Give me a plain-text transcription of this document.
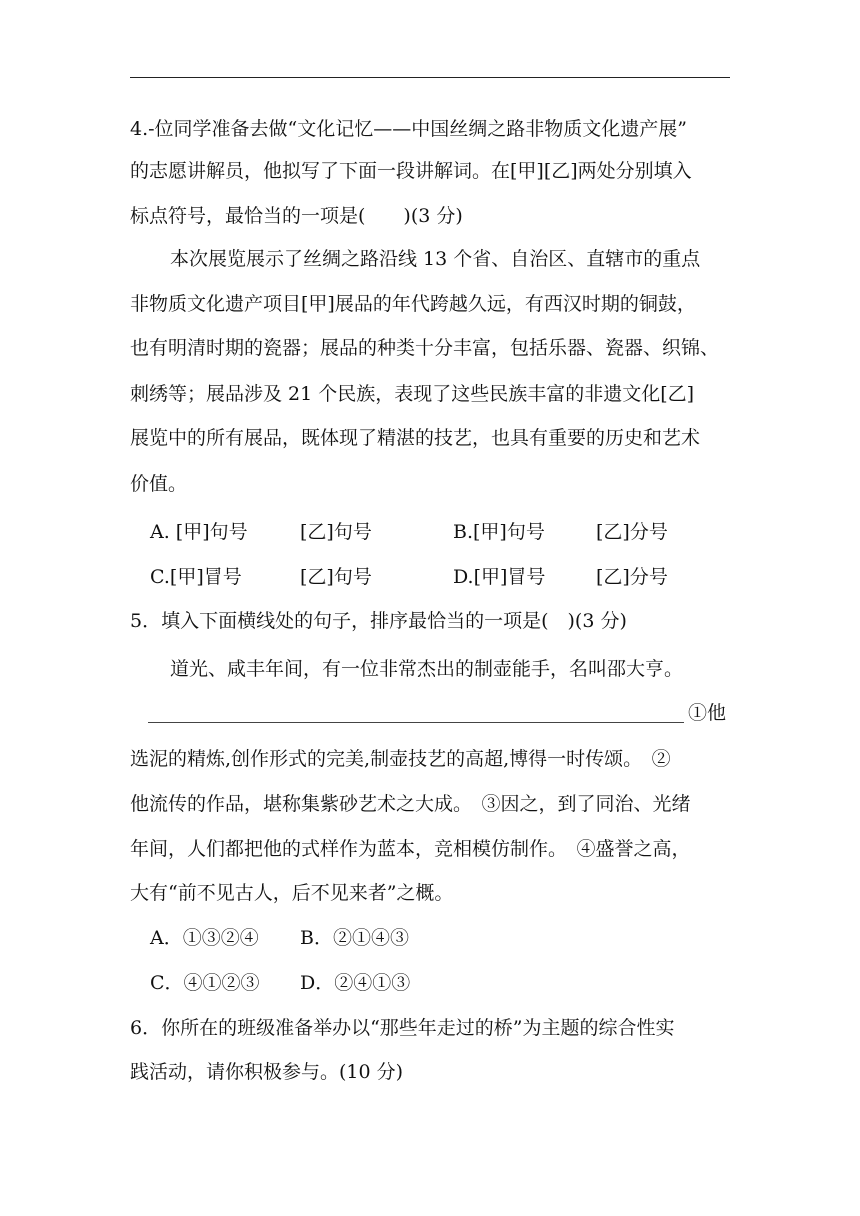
4.-位同学准备去做“文化记忆——中国丝绸之路非物质文化遗产展”
的志愿讲解员，他拟写了下面一段讲解词。在[甲][乙]两处分别填入
标点符号，最恰当的一项是(　　)(3 分)
本次展览展示了丝绸之路沿线 13 个省、自治区、直辖市的重点
非物质文化遗产项目[甲]展品的年代跨越久远，有西汉时期的铜鼓，
也有明清时期的瓷器；展品的种类十分丰富，包括乐器、瓷器、织锦、
刺绣等；展品涉及 21 个民族，表现了这些民族丰富的非遗文化[乙]
展览中的所有展品，既体现了精湛的技艺，也具有重要的历史和艺术
价值。
A. [甲]句号	[乙]句号	B.[甲]句号	[乙]分号
C.[甲]冒号	[乙]句号	D.[甲]冒号	[乙]分号
5．填入下面横线处的句子，排序最恰当的一项是(　)(3 分)
道光、咸丰年间，有一位非常杰出的制壶能手，名叫邵大亨。
①他
选泥的精炼,创作形式的完美,制壶技艺的高超,博得一时传颂。　②
他流传的作品，堪称集紫砂艺术之大成。　③因之，到了同治、光绪
年间，人们都把他的式样作为蓝本，竞相模仿制作。　④盛誉之高，
大有“前不见古人，后不见来者”之概。
A．①③②④ B．②①④③
C．④①②③ D．②④①③
6．你所在的班级准备举办以“那些年走过的桥”为主题的综合性实
践活动，请你积极参与。(10 分)
